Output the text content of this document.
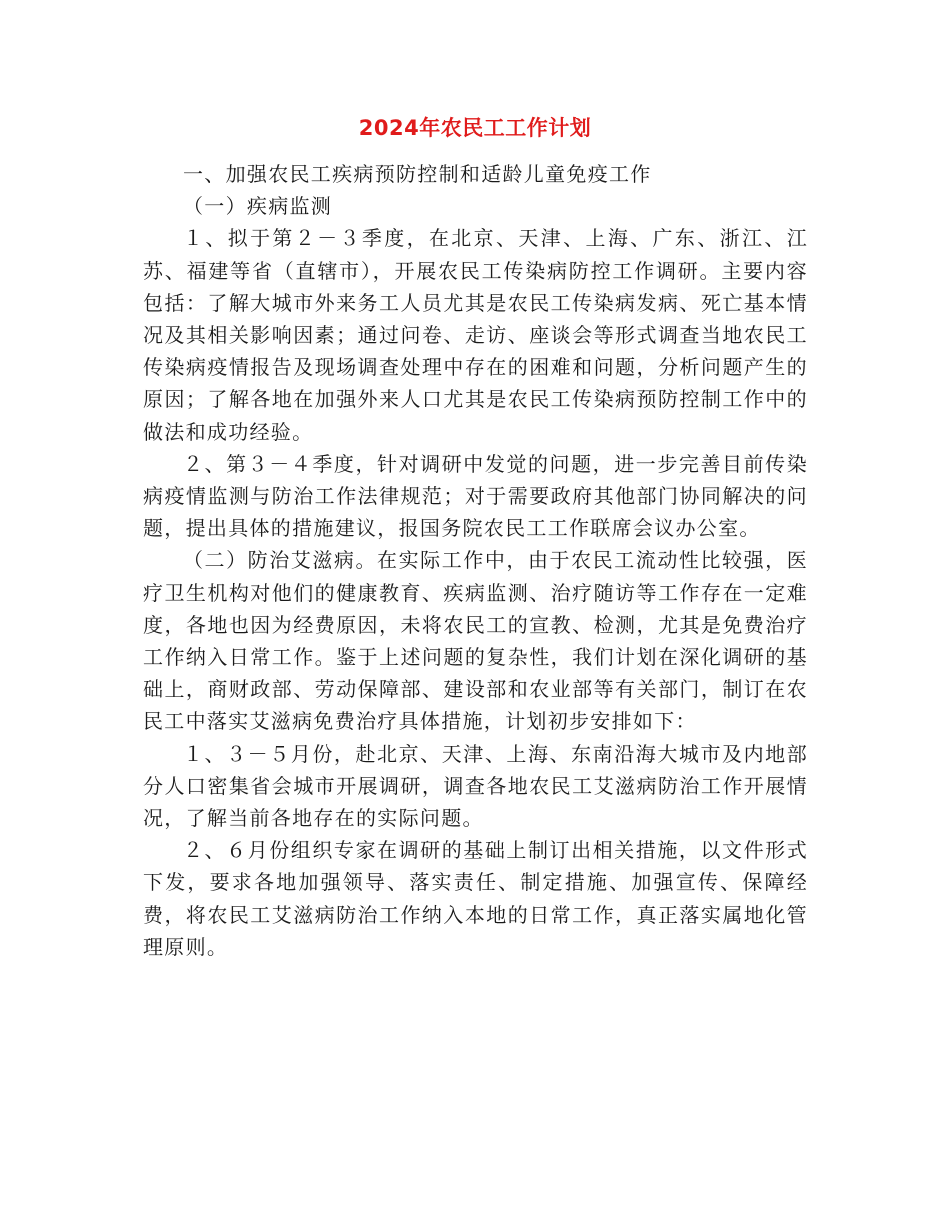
2024年农民工工作计划

一、加强农民工疾病预防控制和适龄儿童免疫工作

（一）疾病监测

１、拟于第２－３季度，在北京、天津、上海、广东、浙江、江苏、福建等省（直辖市），开展农民工传染病防控工作调研。主要内容包括：了解大城市外来务工人员尤其是农民工传染病发病、死亡基本情况及其相关影响因素；通过问卷、走访、座谈会等形式调查当地农民工传染病疫情报告及现场调查处理中存在的困难和问题，分析问题产生的原因；了解各地在加强外来人口尤其是农民工传染病预防控制工作中的做法和成功经验。

２、第３－４季度，针对调研中发觉的问题，进一步完善目前传染病疫情监测与防治工作法律规范；对于需要政府其他部门协同解决的问题，提出具体的措施建议，报国务院农民工工作联席会议办公室。

（二）防治艾滋病。在实际工作中，由于农民工流动性比较强，医疗卫生机构对他们的健康教育、疾病监测、治疗随访等工作存在一定难度，各地也因为经费原因，未将农民工的宣教、检测，尤其是免费治疗工作纳入日常工作。鉴于上述问题的复杂性，我们计划在深化调研的基础上，商财政部、劳动保障部、建设部和农业部等有关部门，制订在农民工中落实艾滋病免费治疗具体措施，计划初步安排如下：

１、３－５月份，赴北京、天津、上海、东南沿海大城市及内地部分人口密集省会城市开展调研，调查各地农民工艾滋病防治工作开展情况，了解当前各地存在的实际问题。

２、６月份组织专家在调研的基础上制订出相关措施，以文件形式下发，要求各地加强领导、落实责任、制定措施、加强宣传、保障经费，将农民工艾滋病防治工作纳入本地的日常工作，真正落实属地化管理原则。
